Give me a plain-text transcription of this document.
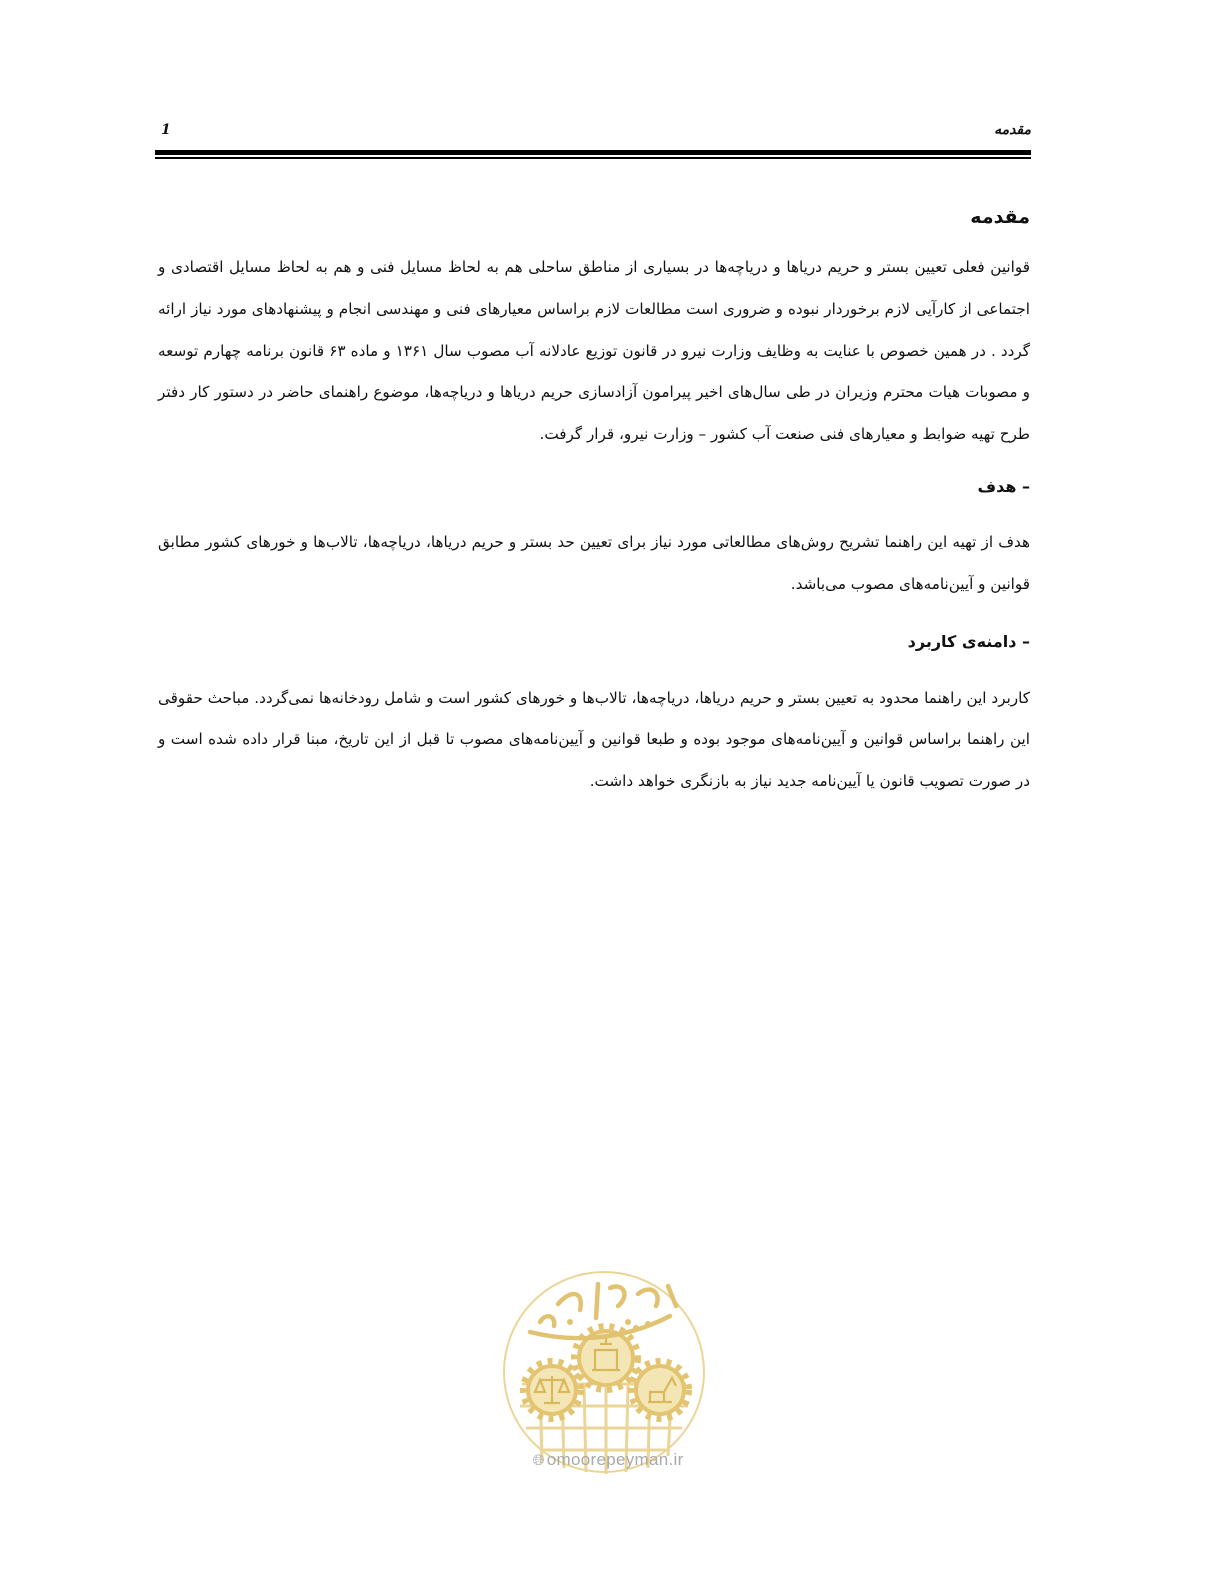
مقدمه
1
مقدمه

قوانین فعلی تعیین بستر و حریم دریاها و دریاچه‌ها در بسیاری از مناطق ساحلی هم به لحاظ مسایل فنی و هم به لحاظ مسایل اقتصادی و اجتماعی از کارآیی لازم برخوردار نبوده و ضروری است مطالعات لازم براساس معیارهای فنی و مهندسی انجام و پیشنهادهای مورد نیاز ارائه گردد . در همین خصوص با عنایت به وظایف وزارت نیرو در قانون توزیع عادلانه آب مصوب سال ۱۳۶۱ و ماده ۶۳ قانون برنامه چهارم توسعه و مصوبات هیات محترم وزیران در طی سال‌های اخیر پیرامون آزادسازی حریم دریاها و دریاچه‌ها، موضوع راهنمای حاضر در دستور کار دفتر طرح تهیه ضوابط و معیارهای فنی صنعت آب کشور – وزارت نیرو، قرار گرفت.

– هدف

هدف از تهیه این راهنما تشریح روش‌های مطالعاتی مورد نیاز برای تعیین حد بستر و حریم دریاها، دریاچه‌ها، تالاب‌ها و خورهای کشور مطابق قوانین و آیین‌نامه‌های مصوب می‌باشد.

– دامنه‌ی کاربرد

کاربرد این راهنما محدود به تعیین بستر و حریم دریاها، دریاچه‌ها، تالاب‌ها و خورهای کشور است و شامل رودخانه‌ها نمی‌گردد. مباحث حقوقی این راهنما براساس قوانین و آیین‌نامه‌های موجود بوده و طبعا قوانین و آیین‌نامه‌های مصوب تا قبل از این تاریخ، مبنا قرار داده شده است و در صورت تصویب قانون یا آیین‌نامه جدید نیاز به بازنگری خواهد داشت.

🌐︎ omoorepeyman.ir
